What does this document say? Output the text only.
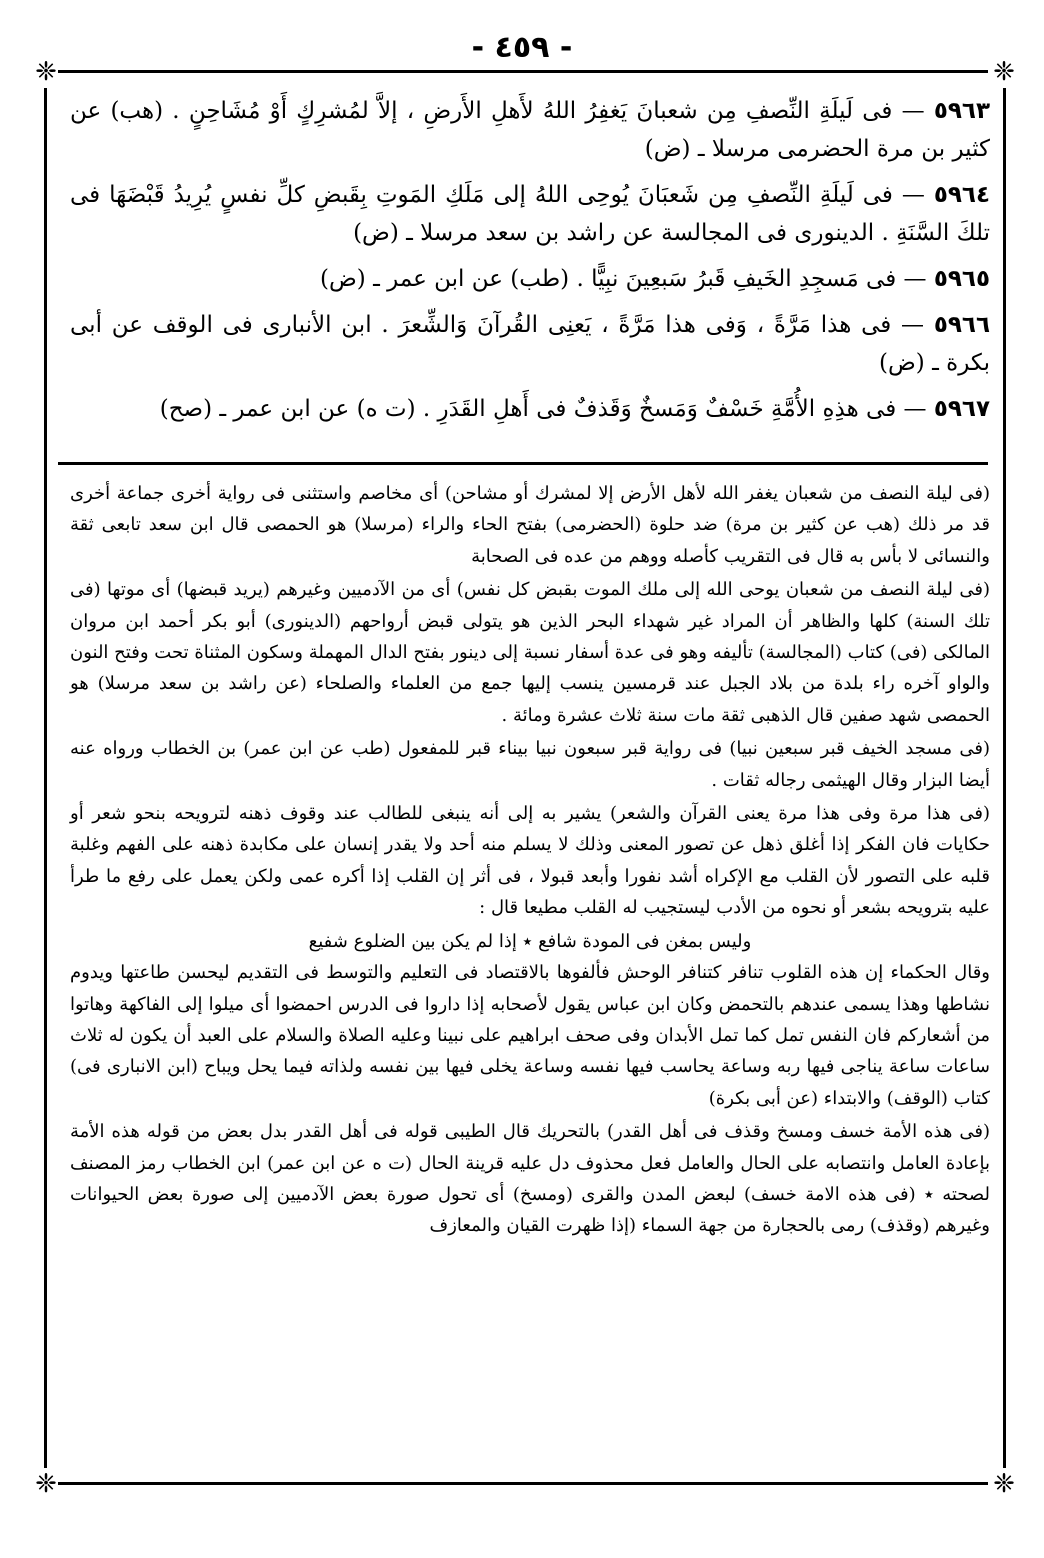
- ٤٥٩ -
❈	❈
❈	❈
٥٩٦٣ — فى لَيلَةِ النِّصفِ مِن شعبانَ يَغفِرُ اللهُ لأَهلِ الأَرضِ ، إلاَّ لمُشرِكٍ أَوْ مُشَاحِنٍ . (هب) عن كثير بن مرة الحضرمى مرسلا ـ (ض)
٥٩٦٤ — فى لَيلَةِ النِّصفِ مِن شَعبَانَ يُوحِى اللهُ إلى مَلَكِ المَوتِ بِقَبضِ كلِّ نفسٍ يُرِيدُ قَبْضَهَا فى تلكَ السَّنَةِ . الدينورى فى المجالسة عن راشد بن سعد مرسلا ـ (ض)
٥٩٦٥ — فى مَسجِدِ الخَيفِ قَبرُ سَبعِينَ نبِيًّا . (طب) عن ابن عمر ـ (ض)
٥٩٦٦ — فى هذا مَرَّةً ، وَفى هذا مَرَّةً ، يَعنِى القُرآنَ وَالشِّعرَ . ابن الأنبارى فى الوقف عن أبى بكرة ـ (ض)
٥٩٦٧ — فى هذِهِ الأُمَّةِ خَسْفٌ وَمَسخٌ وَقَذفٌ فى أَهلِ القَدَرِ . (ت ه) عن ابن عمر ـ (صح)

(فى ليلة النصف من شعبان يغفر الله لأهل الأرض إلا لمشرك أو مشاحن) أى مخاصم واستثنى فى رواية أخرى جماعة أخرى قد مر ذلك (هب عن كثير بن مرة) ضد حلوة (الحضرمى) بفتح الحاء والراء (مرسلا) هو الحمصى قال ابن سعد تابعى ثقة والنسائى لا بأس به قال فى التقريب كأصله ووهم من عده فى الصحابة

(فى ليلة النصف من شعبان يوحى الله إلى ملك الموت بقبض كل نفس) أى من الآدميين وغيرهم (يريد قبضها) أى موتها (فى تلك السنة) كلها والظاهر أن المراد غير شهداء البحر الذين هو يتولى قبض أرواحهم (الدينورى) أبو بكر أحمد ابن مروان المالكى (فى) كتاب (المجالسة) تأليفه وهو فى عدة أسفار نسبة إلى دينور بفتح الدال المهملة وسكون المثناة تحت وفتح النون والواو آخره راء بلدة من بلاد الجبل عند قرمسين ينسب إليها جمع من العلماء والصلحاء (عن راشد بن سعد مرسلا) هو الحمصى شهد صفين قال الذهبى ثقة مات سنة ثلاث عشرة ومائة .

(فى مسجد الخيف قبر سبعين نبيا) فى رواية قبر سبعون نبيا بيناء قبر للمفعول (طب عن ابن عمر) بن الخطاب ورواه عنه أيضا البزار وقال الهيثمى رجاله ثقات .

(فى هذا مرة وفى هذا مرة يعنى القرآن والشعر) يشير به إلى أنه ينبغى للطالب عند وقوف ذهنه لترويحه بنحو شعر أو حكايات فان الفكر إذا أغلق ذهل عن تصور المعنى وذلك لا يسلم منه أحد ولا يقدر إنسان على مكابدة ذهنه على الفهم وغلبة قلبه على التصور لأن القلب مع الإكراه أشد نفورا وأبعد قبولا ، فى أثر إن القلب إذا أكره عمى ولكن يعمل على رفع ما طرأ عليه بترويحه بشعر أو نحوه من الأدب ليستجيب له القلب مطيعا قال :

وليس بمغن فى المودة شافع ٭ إذا لم يكن بين الضلوع شفيع

وقال الحكماء إن هذه القلوب تنافر كتنافر الوحش فألفوها بالاقتصاد فى التعليم والتوسط فى التقديم ليحسن طاعتها ويدوم نشاطها وهذا يسمى عندهم بالتحمض وكان ابن عباس يقول لأصحابه إذا داروا فى الدرس احمضوا أى ميلوا إلى الفاكهة وهاتوا من أشعاركم فان النفس تمل كما تمل الأبدان وفى صحف ابراهيم على نبينا وعليه الصلاة والسلام على العبد أن يكون له ثلاث ساعات ساعة يناجى فيها ربه وساعة يحاسب فيها نفسه وساعة يخلى فيها بين نفسه ولذاته فيما يحل ويباح (ابن الانبارى فى) كتاب (الوقف) والابتداء (عن أبى بكرة)

(فى هذه الأمة خسف ومسخ وقذف فى أهل القدر) بالتحريك قال الطيبى قوله فى أهل القدر بدل بعض من قوله هذه الأمة بإعادة العامل وانتصابه على الحال والعامل فعل محذوف دل عليه قرينة الحال (ت ه عن ابن عمر) ابن الخطاب رمز المصنف لصحته ٭ (فى هذه الامة خسف) لبعض المدن والقرى (ومسخ) أى تحول صورة بعض الآدميين إلى صورة بعض الحيوانات وغيرهم (وقذف) رمى بالحجارة من جهة السماء (إذا ظهرت القيان والمعازف
